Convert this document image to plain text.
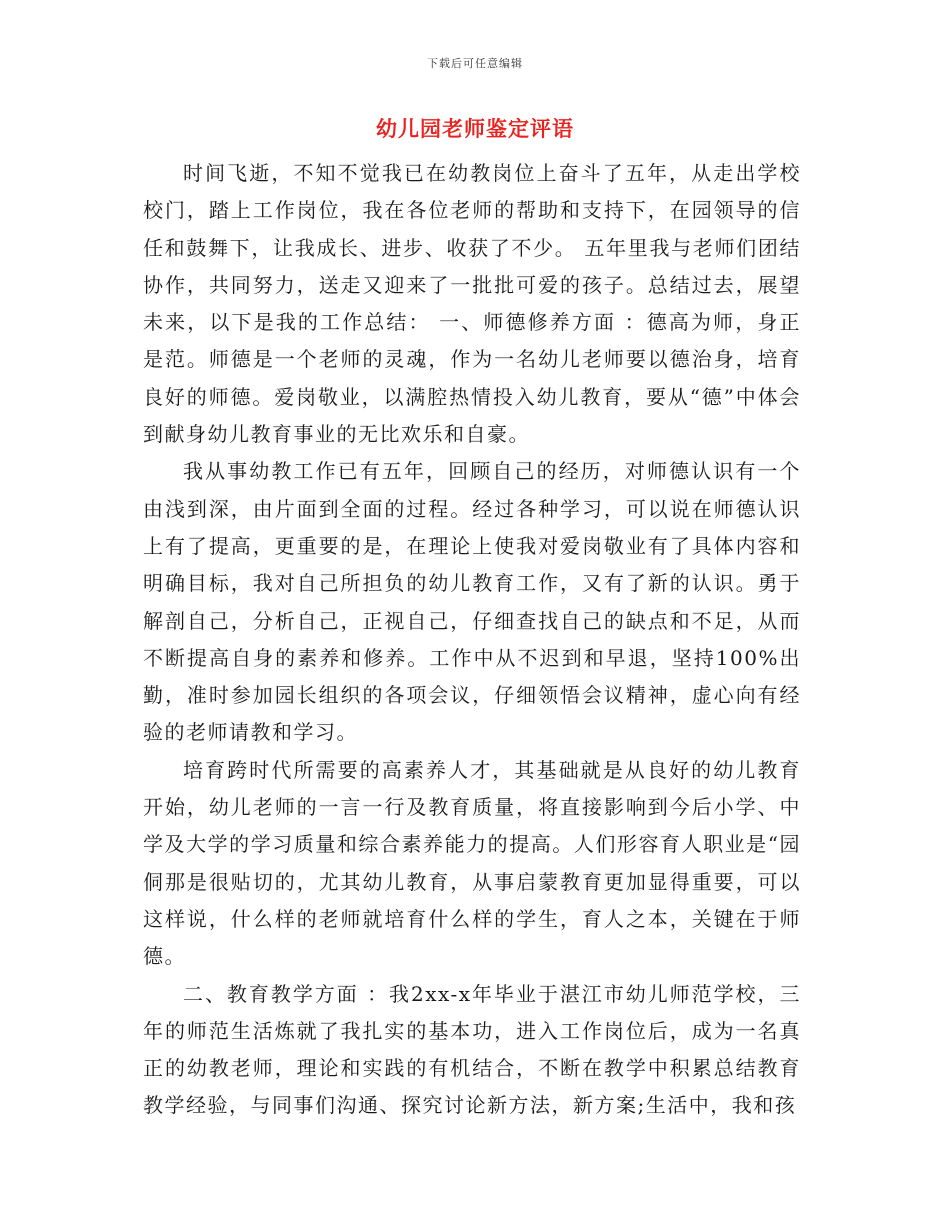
下载后可任意编辑
幼儿园老师鉴定评语

时间飞逝，不知不觉我已在幼教岗位上奋斗了五年，从走出学校校门，踏上工作岗位，我在各位老师的帮助和支持下，在园领导的信任和鼓舞下，让我成长、进步、收获了不少。 五年里我与老师们团结协作，共同努力，送走又迎来了一批批可爱的孩子。总结过去，展望未来，以下是我的工作总结： 一、师德修养方面 ：德高为师，身正是范。师德是一个老师的灵魂，作为一名幼儿老师要以德治身，培育良好的师德。爱岗敬业，以满腔热情投入幼儿教育，要从“德”中体会到献身幼儿教育事业的无比欢乐和自豪。

我从事幼教工作已有五年，回顾自己的经历，对师德认识有一个由浅到深，由片面到全面的过程。经过各种学习，可以说在师德认识上有了提高，更重要的是，在理论上使我对爱岗敬业有了具体内容和明确目标，我对自己所担负的幼儿教育工作，又有了新的认识。勇于解剖自己，分析自己，正视自己，仔细查找自己的缺点和不足，从而不断提高自身的素养和修养。工作中从不迟到和早退，坚持100%出勤，准时参加园长组织的各项会议，仔细领悟会议精神，虚心向有经验的老师请教和学习。

培育跨时代所需要的高素养人才，其基础就是从良好的幼儿教育开始，幼儿老师的一言一行及教育质量，将直接影响到今后小学、中学及大学的学习质量和综合素养能力的提高。人们形容育人职业是“园侗那是很贴切的，尤其幼儿教育，从事启蒙教育更加显得重要，可以这样说，什么样的老师就培育什么样的学生，育人之本，关键在于师德。

二、教育教学方面 ：我2xx-x年毕业于湛江市幼儿师范学校，三年的师范生活炼就了我扎实的基本功，进入工作岗位后，成为一名真正的幼教老师，理论和实践的有机结合，不断在教学中积累总结教育教学经验，与同事们沟通、探究讨论新方法，新方案;生活中，我和孩
